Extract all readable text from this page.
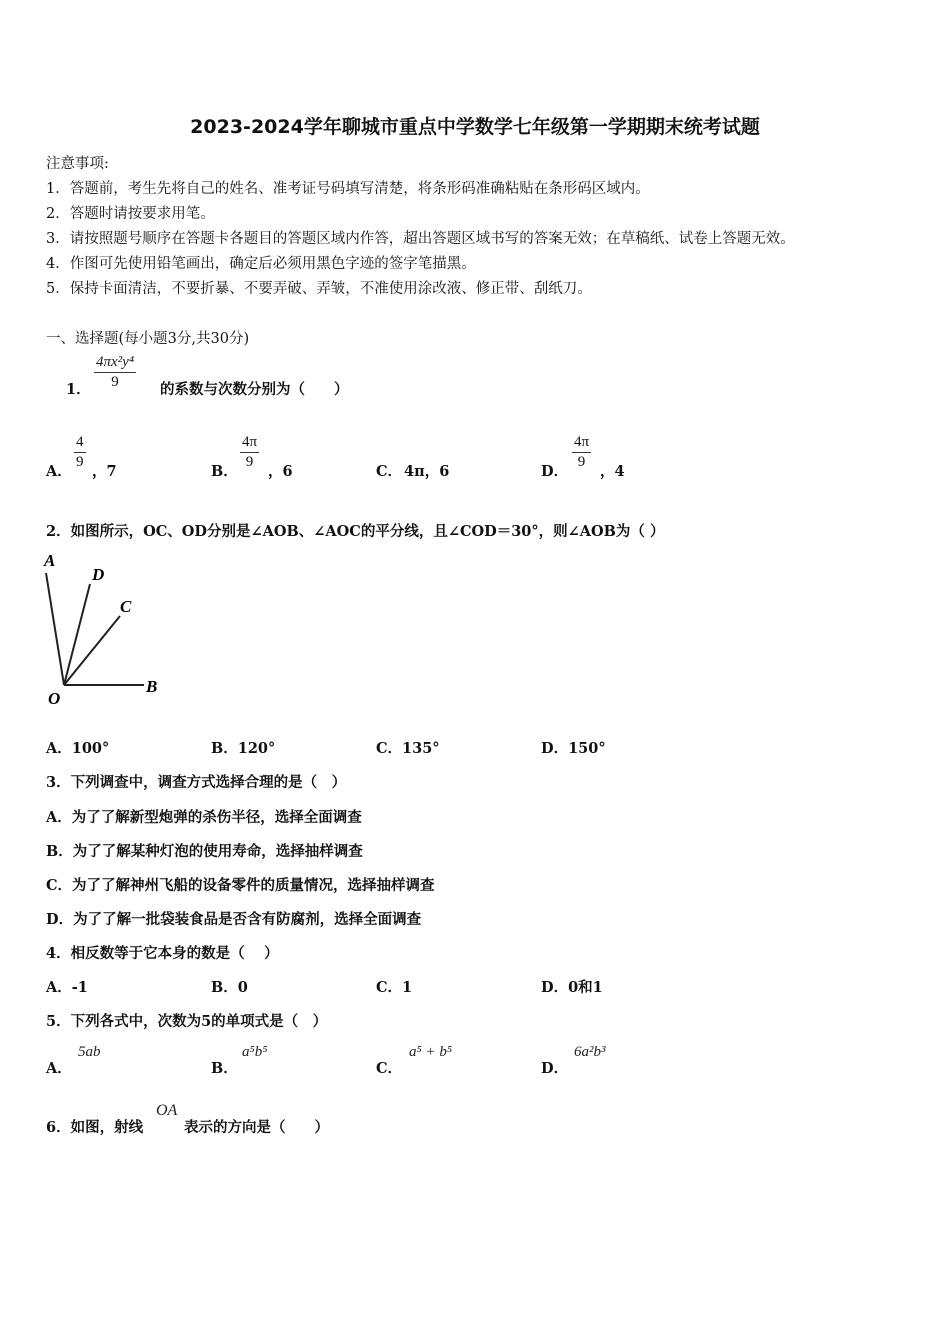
2023-2024学年聊城市重点中学数学七年级第一学期期末统考试题
注意事项:
1．答题前，考生先将自己的姓名、准考证号码填写清楚，将条形码准确粘贴在条形码区域内。
2．答题时请按要求用笔。
3．请按照题号顺序在答题卡各题目的答题区域内作答，超出答题区域书写的答案无效；在草稿纸、试卷上答题无效。
4．作图可先使用铅笔画出，确定后必须用黑色字迹的签字笔描黑。
5．保持卡面清洁，不要折暴、不要弄破、弄皱，不准使用涂改液、修正带、刮纸刀。
一、选择题(每小题3分,共30分)
1． $\frac{\text{4πx²y⁴}}{9}$ 的系数与次数分别为（　　）
A．
$\frac{4}{9}$
，7	B．
$\frac{4\pi}{9}$
，6	C． 4π，6	D．
$\frac{4\pi}{9}$
，4
2．如图所示，OC、OD分别是∠AOB、∠AOC的平分线，且∠COD＝30°，则∠AOB为（ ）
A
D
C
O
B
A．100°	B．120°	C．135°	D．150°
3．下列调查中，调查方式选择合理的是（　）
A．为了了解新型炮弹的杀伤半径，选择全面调查
B．为了了解某种灯泡的使用寿命，选择抽样调查
C．为了了解神州飞船的设备零件的质量情况，选择抽样调查
D．为了了解一批袋装食品是否含有防腐剂，选择全面调查
4．相反数等于它本身的数是（　 ）
A．-1	B．0	C．1	D．0和1
5．下列各式中，次数为5的单项式是（　）
A．
5ab
B．
a⁵b⁵
C．
a⁵ + b⁵
D．
6a²b³
6．如图，射线
OA
表示的方向是（　　）
